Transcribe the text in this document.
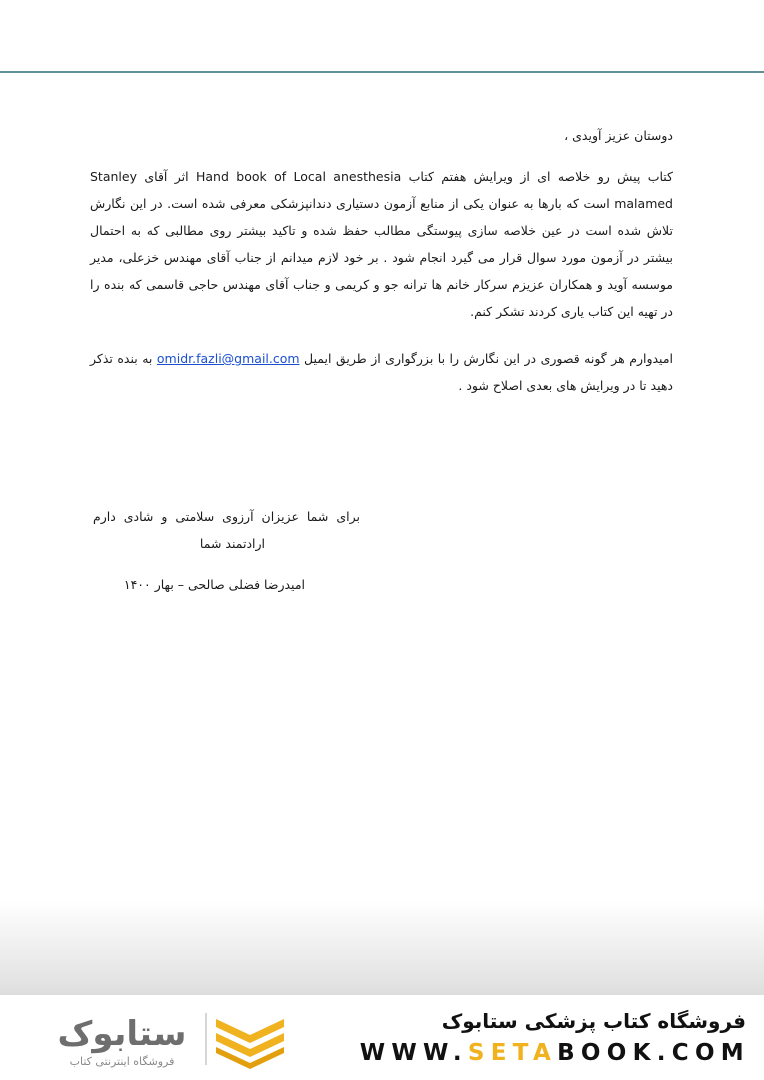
دوستان عزیز آویدی ،
کتاب پیش رو خلاصه ای از ویرایش هفتم کتاب Hand book of Local anesthesia اثر آقای Stanley malamed است که بارها به عنوان یکی از منابع آزمون دستیاری دندانپزشکی معرفی شده است. در این نگارش تلاش شده است در عین خلاصه سازی پیوستگی مطالب حفظ شده و تاکید بیشتر روی مطالبی که به احتمال بیشتر در آزمون مورد سوال قرار می گیرد انجام شود . بر خود لازم میدانم از جناب آقای مهندس خزعلی، مدیر موسسه آوید و همکاران عزیزم سرکار خانم ها ترانه جو و کریمی و جناب آقای مهندس حاجی قاسمی که بنده را در تهیه این کتاب یاری کردند تشکر کنم.
امیدوارم هر گونه قصوری در این نگارش را با بزرگواری از طریق ایمیل omidr.fazli@gmail.com به بنده تذکر دهید تا در ویرایش های بعدی اصلاح شود .
برای شما عزیزان آرزوی سلامتی و شادی دارم
ارادتمند شما
امیدرضا فضلی صالحی – بهار ۱۴۰۰
ستابوک
فروشگاه اینترنتی کتاب
فروشگاه کتاب پزشکی ستابوک
WWW.SETABOOK.COM
